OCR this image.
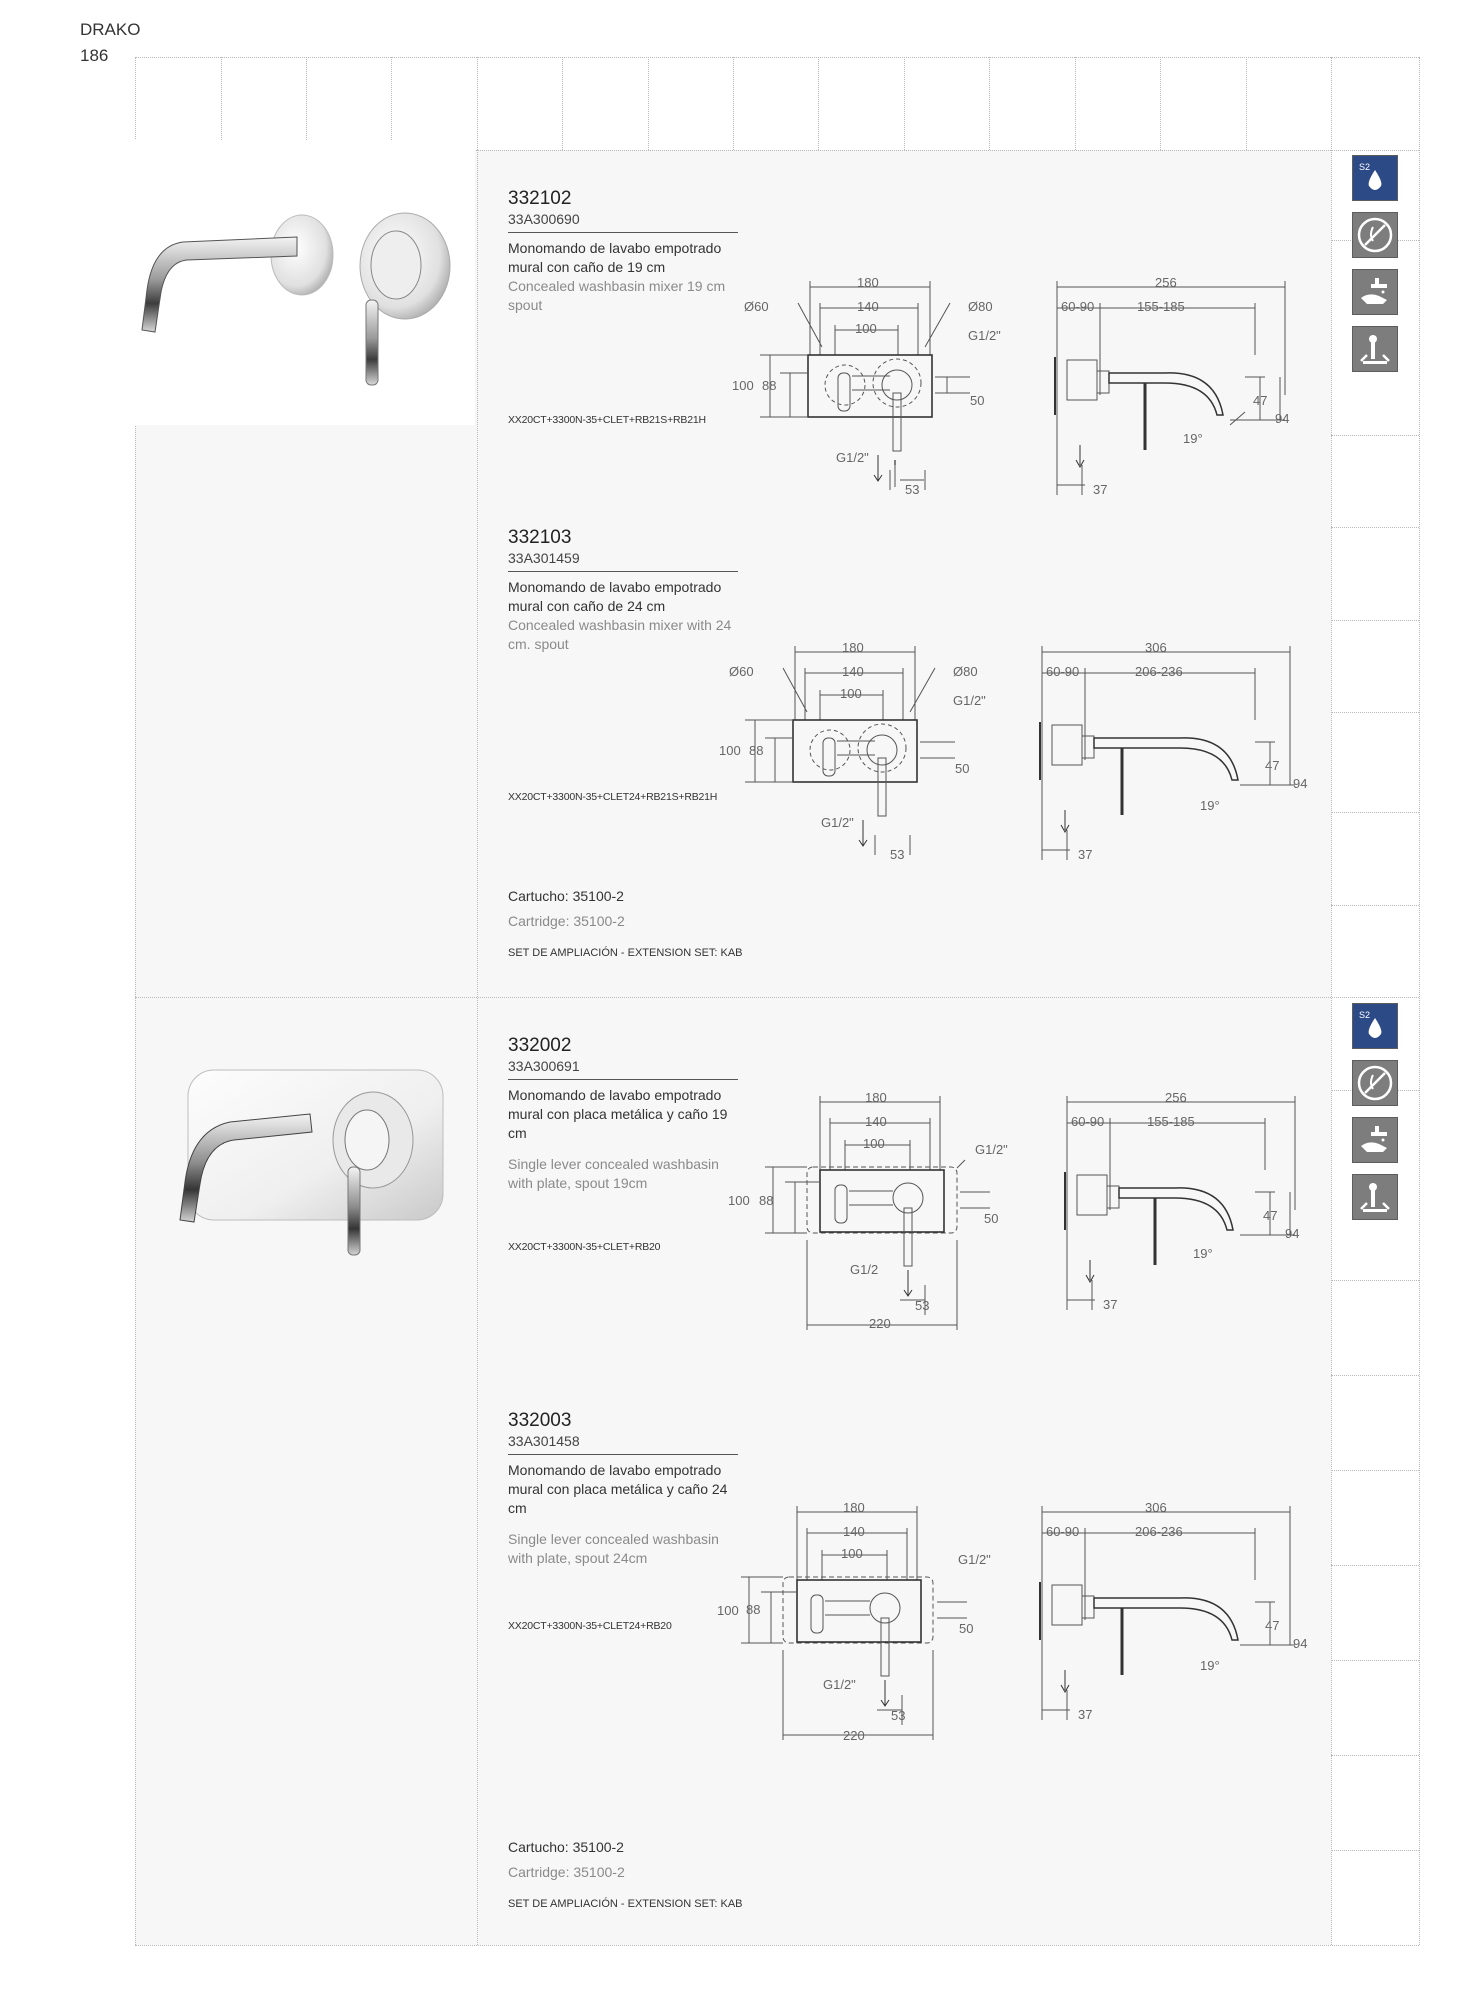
DRAKO
186
S2
S2
332102
33A300690
Monomando de lavabo empotrado mural con caño de 19 cm
Concealed washbasin mixer 19 cm spout
XX20CT+3300N-35+CLET+RB21S+RB21H
180
140
100
Ø60	Ø80
G1/2"
100 88
50
G1/2"
53
256
60-90	155-185
47
94
19°
37
332103
33A301459
Monomando de lavabo empotrado mural con caño de 24 cm
Concealed washbasin mixer with 24 cm. spout
XX20CT+3300N-35+CLET24+RB21S+RB21H
180
140
100
Ø60	Ø80
G1/2"
100 88
50
G1/2"
53
306
60-90	206-236
47
94
19°
37
Cartucho: 35100-2
Cartridge: 35100-2
SET DE AMPLIACIÓN - EXTENSION SET: KAB
332002
33A300691
Monomando de lavabo empotrado mural con placa metálica y caño 19 cm
Single lever concealed washbasin with plate, spout 19cm
XX20CT+3300N-35+CLET+RB20
180
140
100	G1/2"
100 88
50
G1/2
53
220
256
60-90	155-185
47
94
19°
37
332003
33A301458
Monomando de lavabo empotrado mural con placa metálica y caño 24 cm
Single lever concealed washbasin with plate, spout 24cm
XX20CT+3300N-35+CLET24+RB20
180
140
100	G1/2"
100 88
50
G1/2"
53
220
306
60-90	206-236
47
94
19°
37
Cartucho: 35100-2
Cartridge: 35100-2
SET DE AMPLIACIÓN - EXTENSION SET: KAB
